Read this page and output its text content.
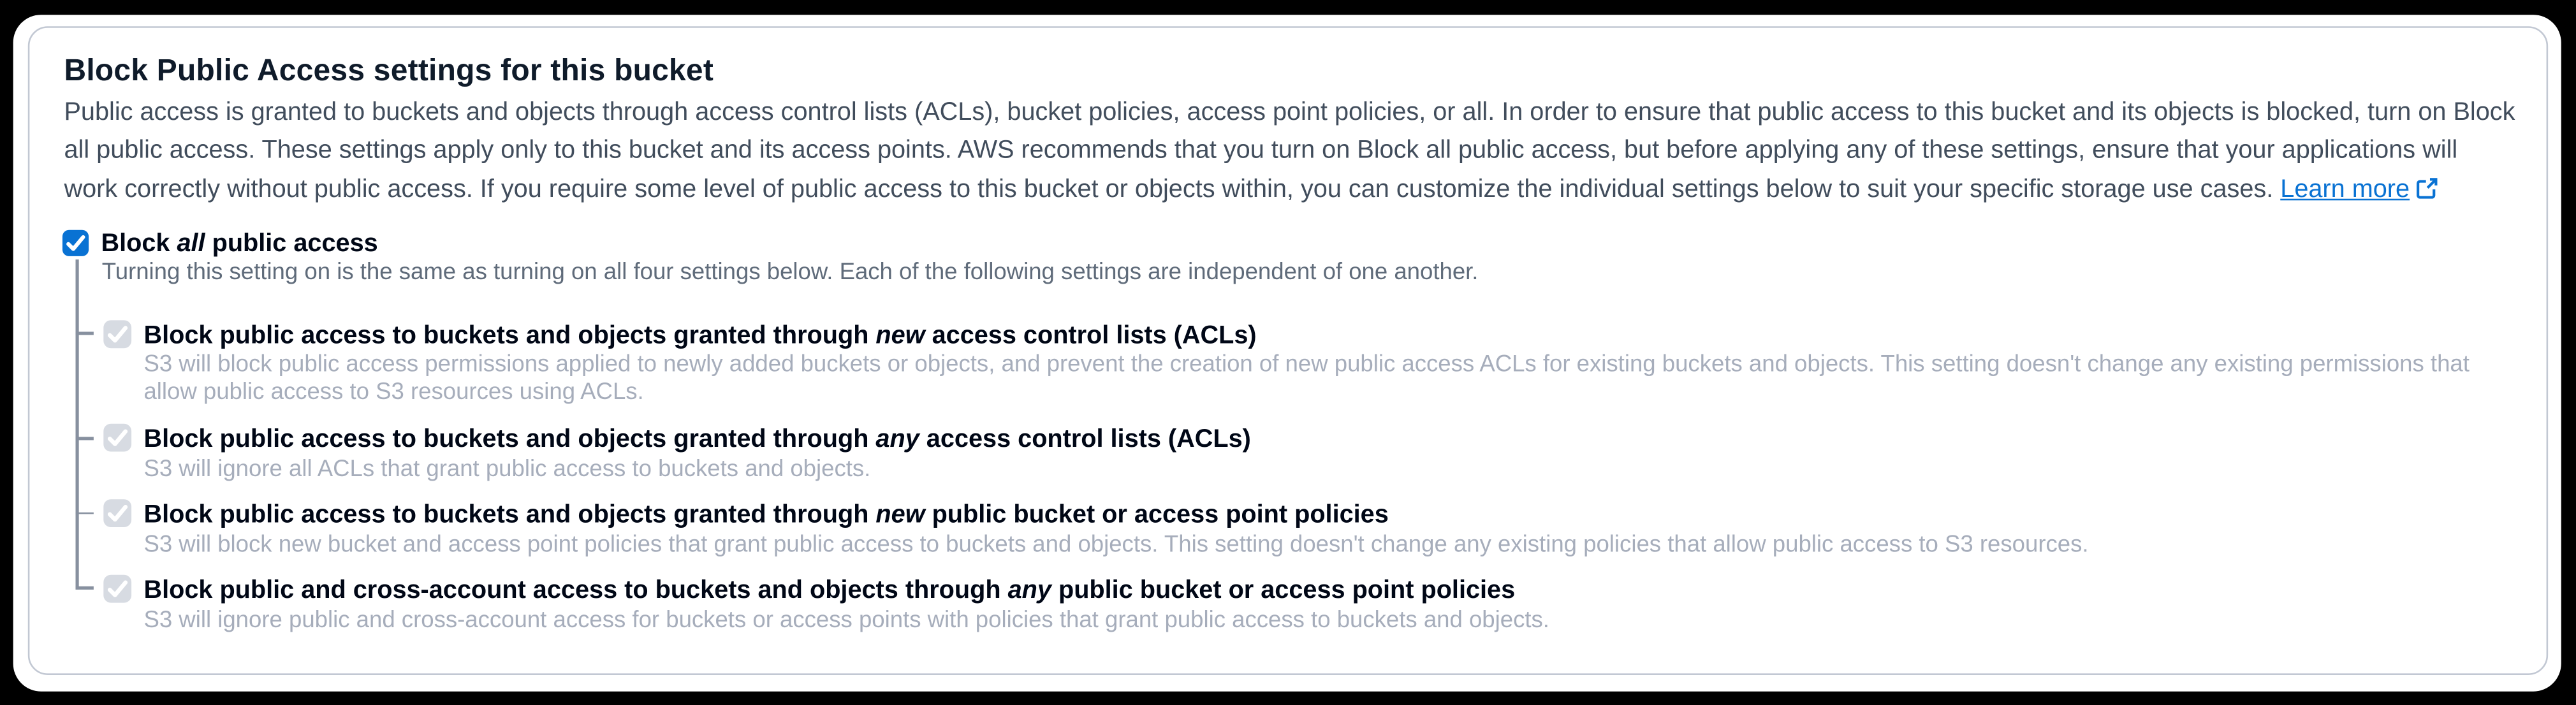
Block Public Access settings for this bucket
Public access is granted to buckets and objects through access control lists (ACLs), bucket policies, access point policies, or all. In order to ensure that public access to this bucket and its objects is blocked, turn on Block all public access. These settings apply only to this bucket and its access points. AWS recommends that you turn on Block all public access, but before applying any of these settings, ensure that your applications will work correctly without public access. If you require some level of public access to this bucket or objects within, you can customize the individual settings below to suit your specific storage use cases. Learn more
Block all public access
Turning this setting on is the same as turning on all four settings below. Each of the following settings are independent of one another.
Block public access to buckets and objects granted through new access control lists (ACLs)
S3 will block public access permissions applied to newly added buckets or objects, and prevent the creation of new public access ACLs for existing buckets and objects. This setting doesn't change any existing permissions that allow public access to S3 resources using ACLs.
Block public access to buckets and objects granted through any access control lists (ACLs)
S3 will ignore all ACLs that grant public access to buckets and objects.
Block public access to buckets and objects granted through new public bucket or access point policies
S3 will block new bucket and access point policies that grant public access to buckets and objects. This setting doesn't change any existing policies that allow public access to S3 resources.
Block public and cross-account access to buckets and objects through any public bucket or access point policies
S3 will ignore public and cross-account access for buckets or access points with policies that grant public access to buckets and objects.
